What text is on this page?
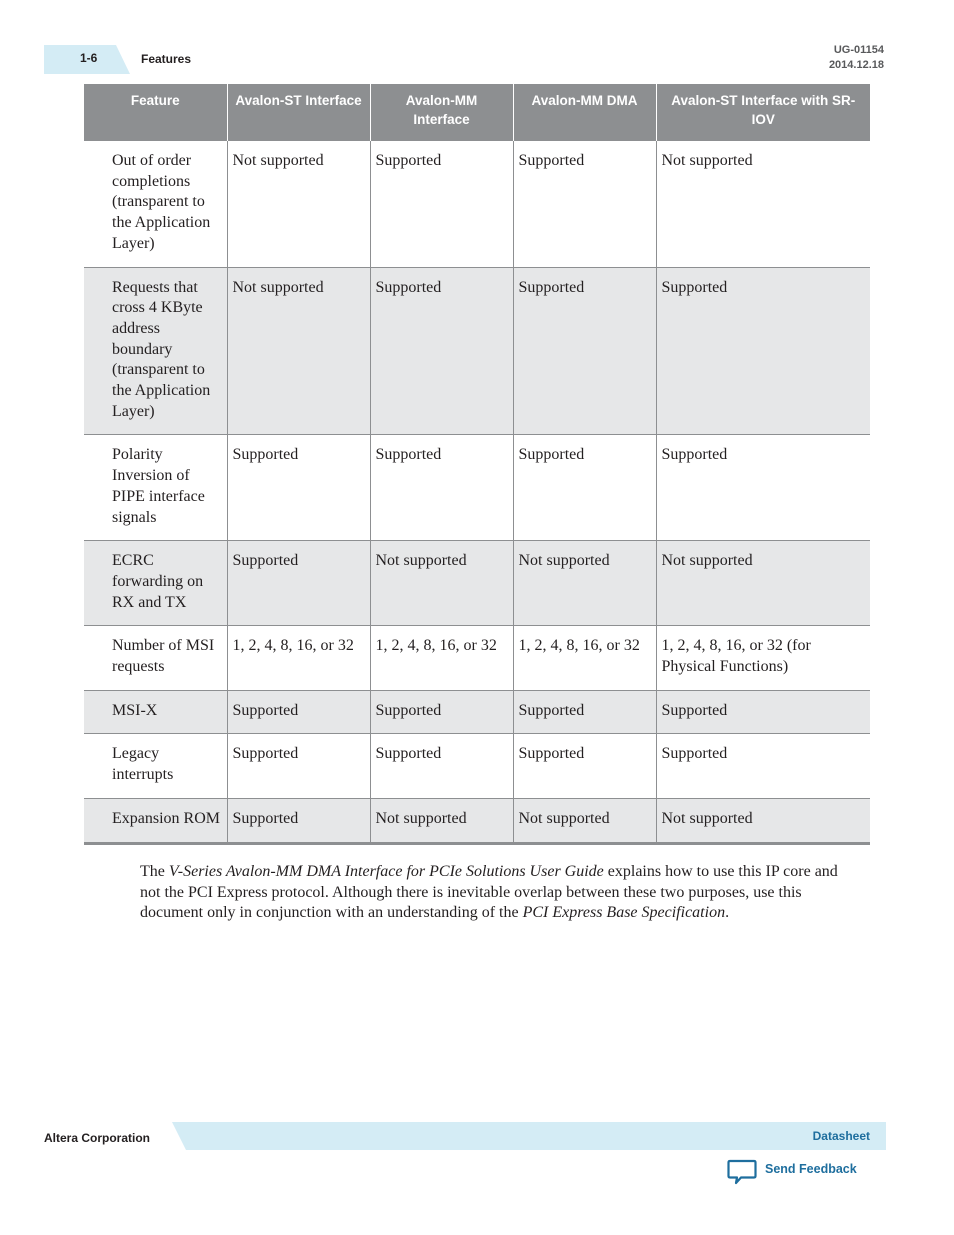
1-6	Features
UG-01154
2014.12.18
Feature	Avalon-ST Interface	Avalon-MM Interface	Avalon-MM DMA	Avalon-ST Interface with SR-IOV
Out of order completions (transparent to the Application Layer)	Not supported	Supported	Supported	Not supported
Requests that cross 4 KByte address boundary (transparent to the Application Layer)	Not supported	Supported	Supported	Supported
Polarity Inversion of PIPE interface signals	Supported	Supported	Supported	Supported
ECRC forwarding on RX and TX	Supported	Not supported	Not supported	Not supported
Number of MSI requests	1, 2, 4, 8, 16, or 32	1, 2, 4, 8, 16, or 32	1, 2, 4, 8, 16, or 32	1, 2, 4, 8, 16, or 32 (for Physical Functions)
MSI-X	Supported	Supported	Supported	Supported
Legacy interrupts	Supported	Supported	Supported	Supported
Expansion ROM	Supported	Not supported	Not supported	Not supported

The V-Series Avalon-MM DMA Interface for PCIe Solutions User Guide explains how to use this IP core and not the PCI Express protocol. Although there is inevitable overlap between these two purposes, use this document only in conjunction with an understanding of the PCI Express Base Specification.

Altera Corporation	Datasheet
Send Feedback
